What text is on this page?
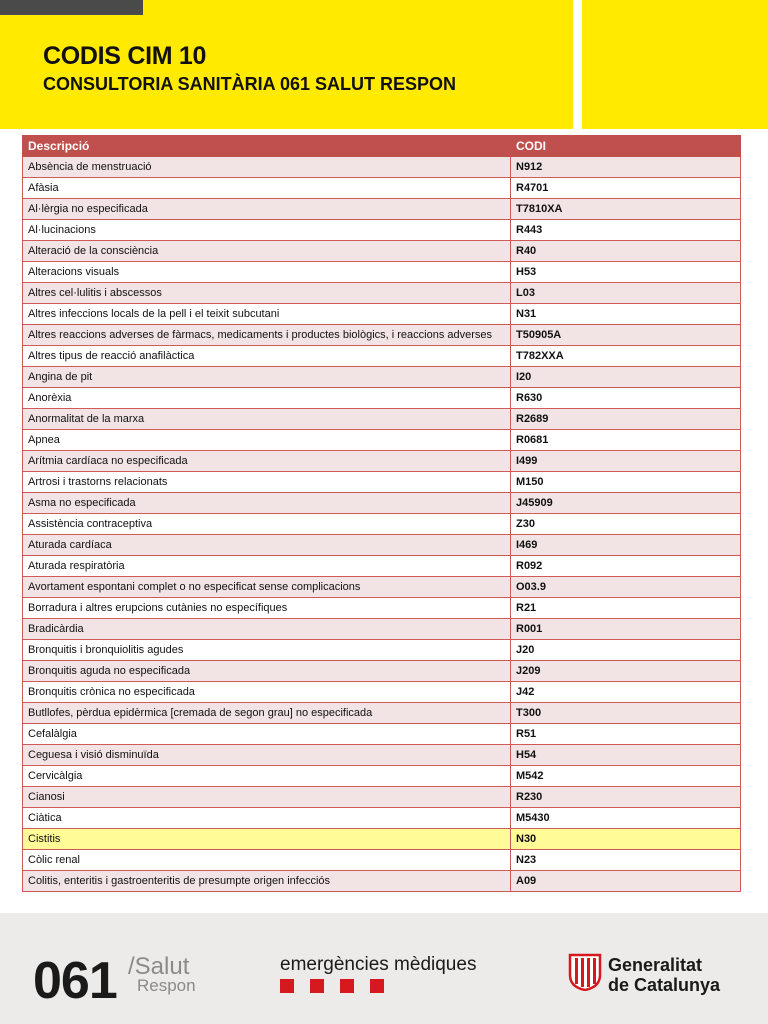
CODIS CIM 10
CONSULTORIA SANITÀRIA 061 SALUT RESPON
Descripció	CODI
Absència de menstruació	N912
Afàsia	R4701
Al·lèrgia no especificada	T7810XA
Al·lucinacions	R443
Alteració de la consciència	R40
Alteracions visuals	H53
Altres cel·lulitis i abscessos	L03
Altres infeccions locals de la pell i el teixit subcutani	N31
Altres reaccions adverses de fàrmacs, medicaments i productes biològics, i reaccions adverses	T50905A
Altres tipus de reacció anafilàctica	T782XXA
Angina de pit	I20
Anorèxia	R630
Anormalitat de la marxa	R2689
Apnea	R0681
Arítmia cardíaca no especificada	I499
Artrosi i trastorns relacionats	M150
Asma no especificada	J45909
Assistència contraceptiva	Z30
Aturada cardíaca	I469
Aturada respiratòria	R092
Avortament espontani complet o no especificat sense complicacions	O03.9
Borradura i altres erupcions cutànies no específiques	R21
Bradicàrdia	R001
Bronquitis i bronquiolitis agudes	J20
Bronquitis aguda no especificada	J209
Bronquitis crònica no especificada	J42
Butllofes, pèrdua epidèrmica [cremada de segon grau] no especificada	T300
Cefalàlgia	R51
Ceguesa i visió disminuïda	H54
Cervicàlgia	M542
Cianosi	R230
Ciàtica	M5430
Cistitis	N30
Còlic renal	N23
Colitis, enteritis i gastroenteritis de presumpte origen infecciós	A09
061 /Salut
Respon
emergències mèdiques	Generalitat
de Catalunya
